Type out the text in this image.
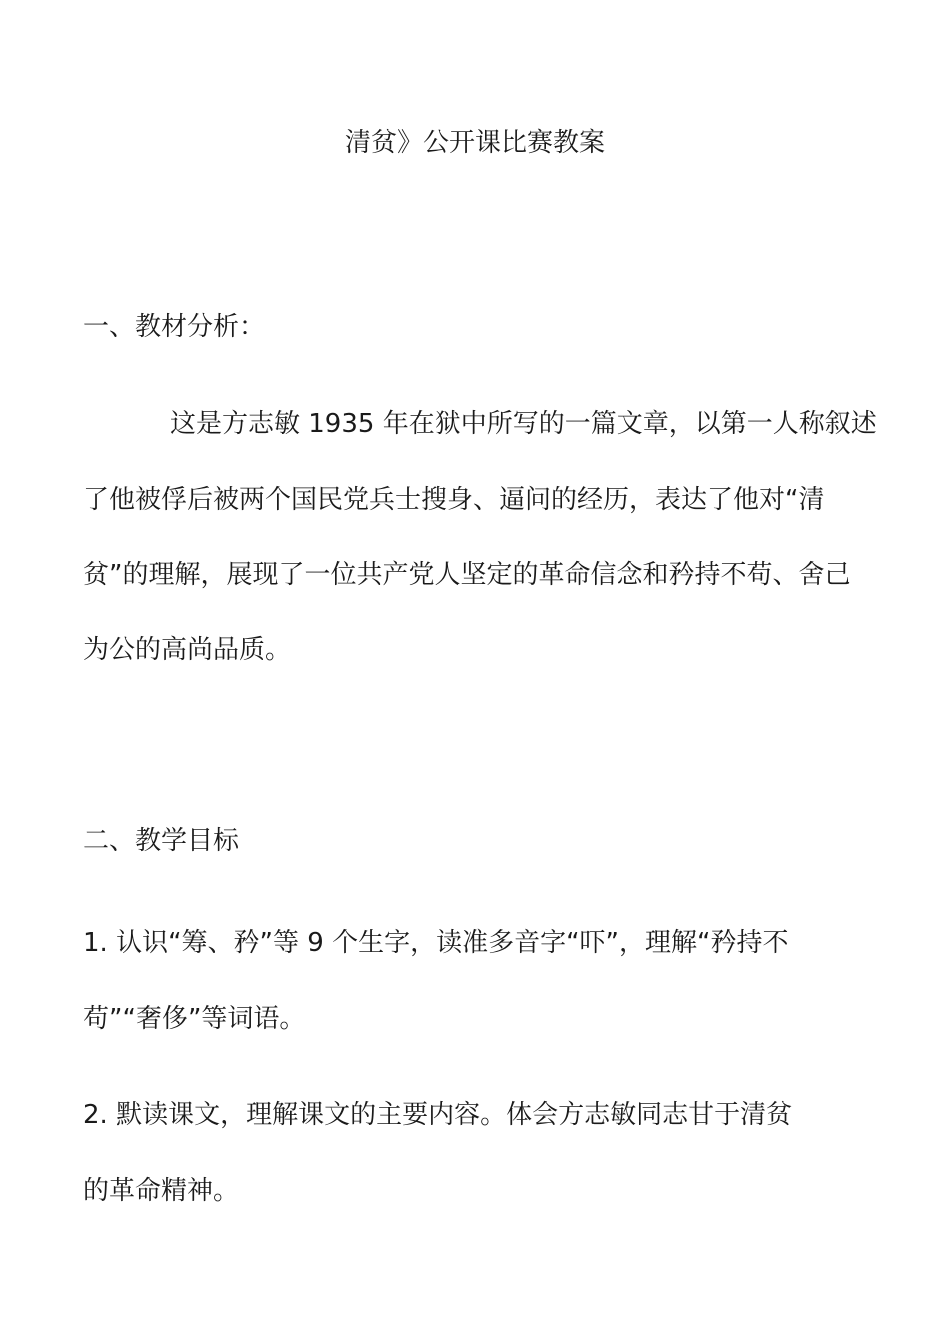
清贫》公开课比赛教案
一、教材分析：
这是方志敏 1935 年在狱中所写的一篇文章，以第一人称叙述
了他被俘后被两个国民党兵士搜身、逼问的经历，表达了他对“清
贫”的理解，展现了一位共产党人坚定的革命信念和矜持不苟、舍己
为公的高尚品质。
二、教学目标
1. 认识“筹、矜”等 9 个生字，读准多音字“吓”，理解“矜持不
苟”“奢侈”等词语。
2. 默读课文，理解课文的主要内容。体会方志敏同志甘于清贫
的革命精神。
